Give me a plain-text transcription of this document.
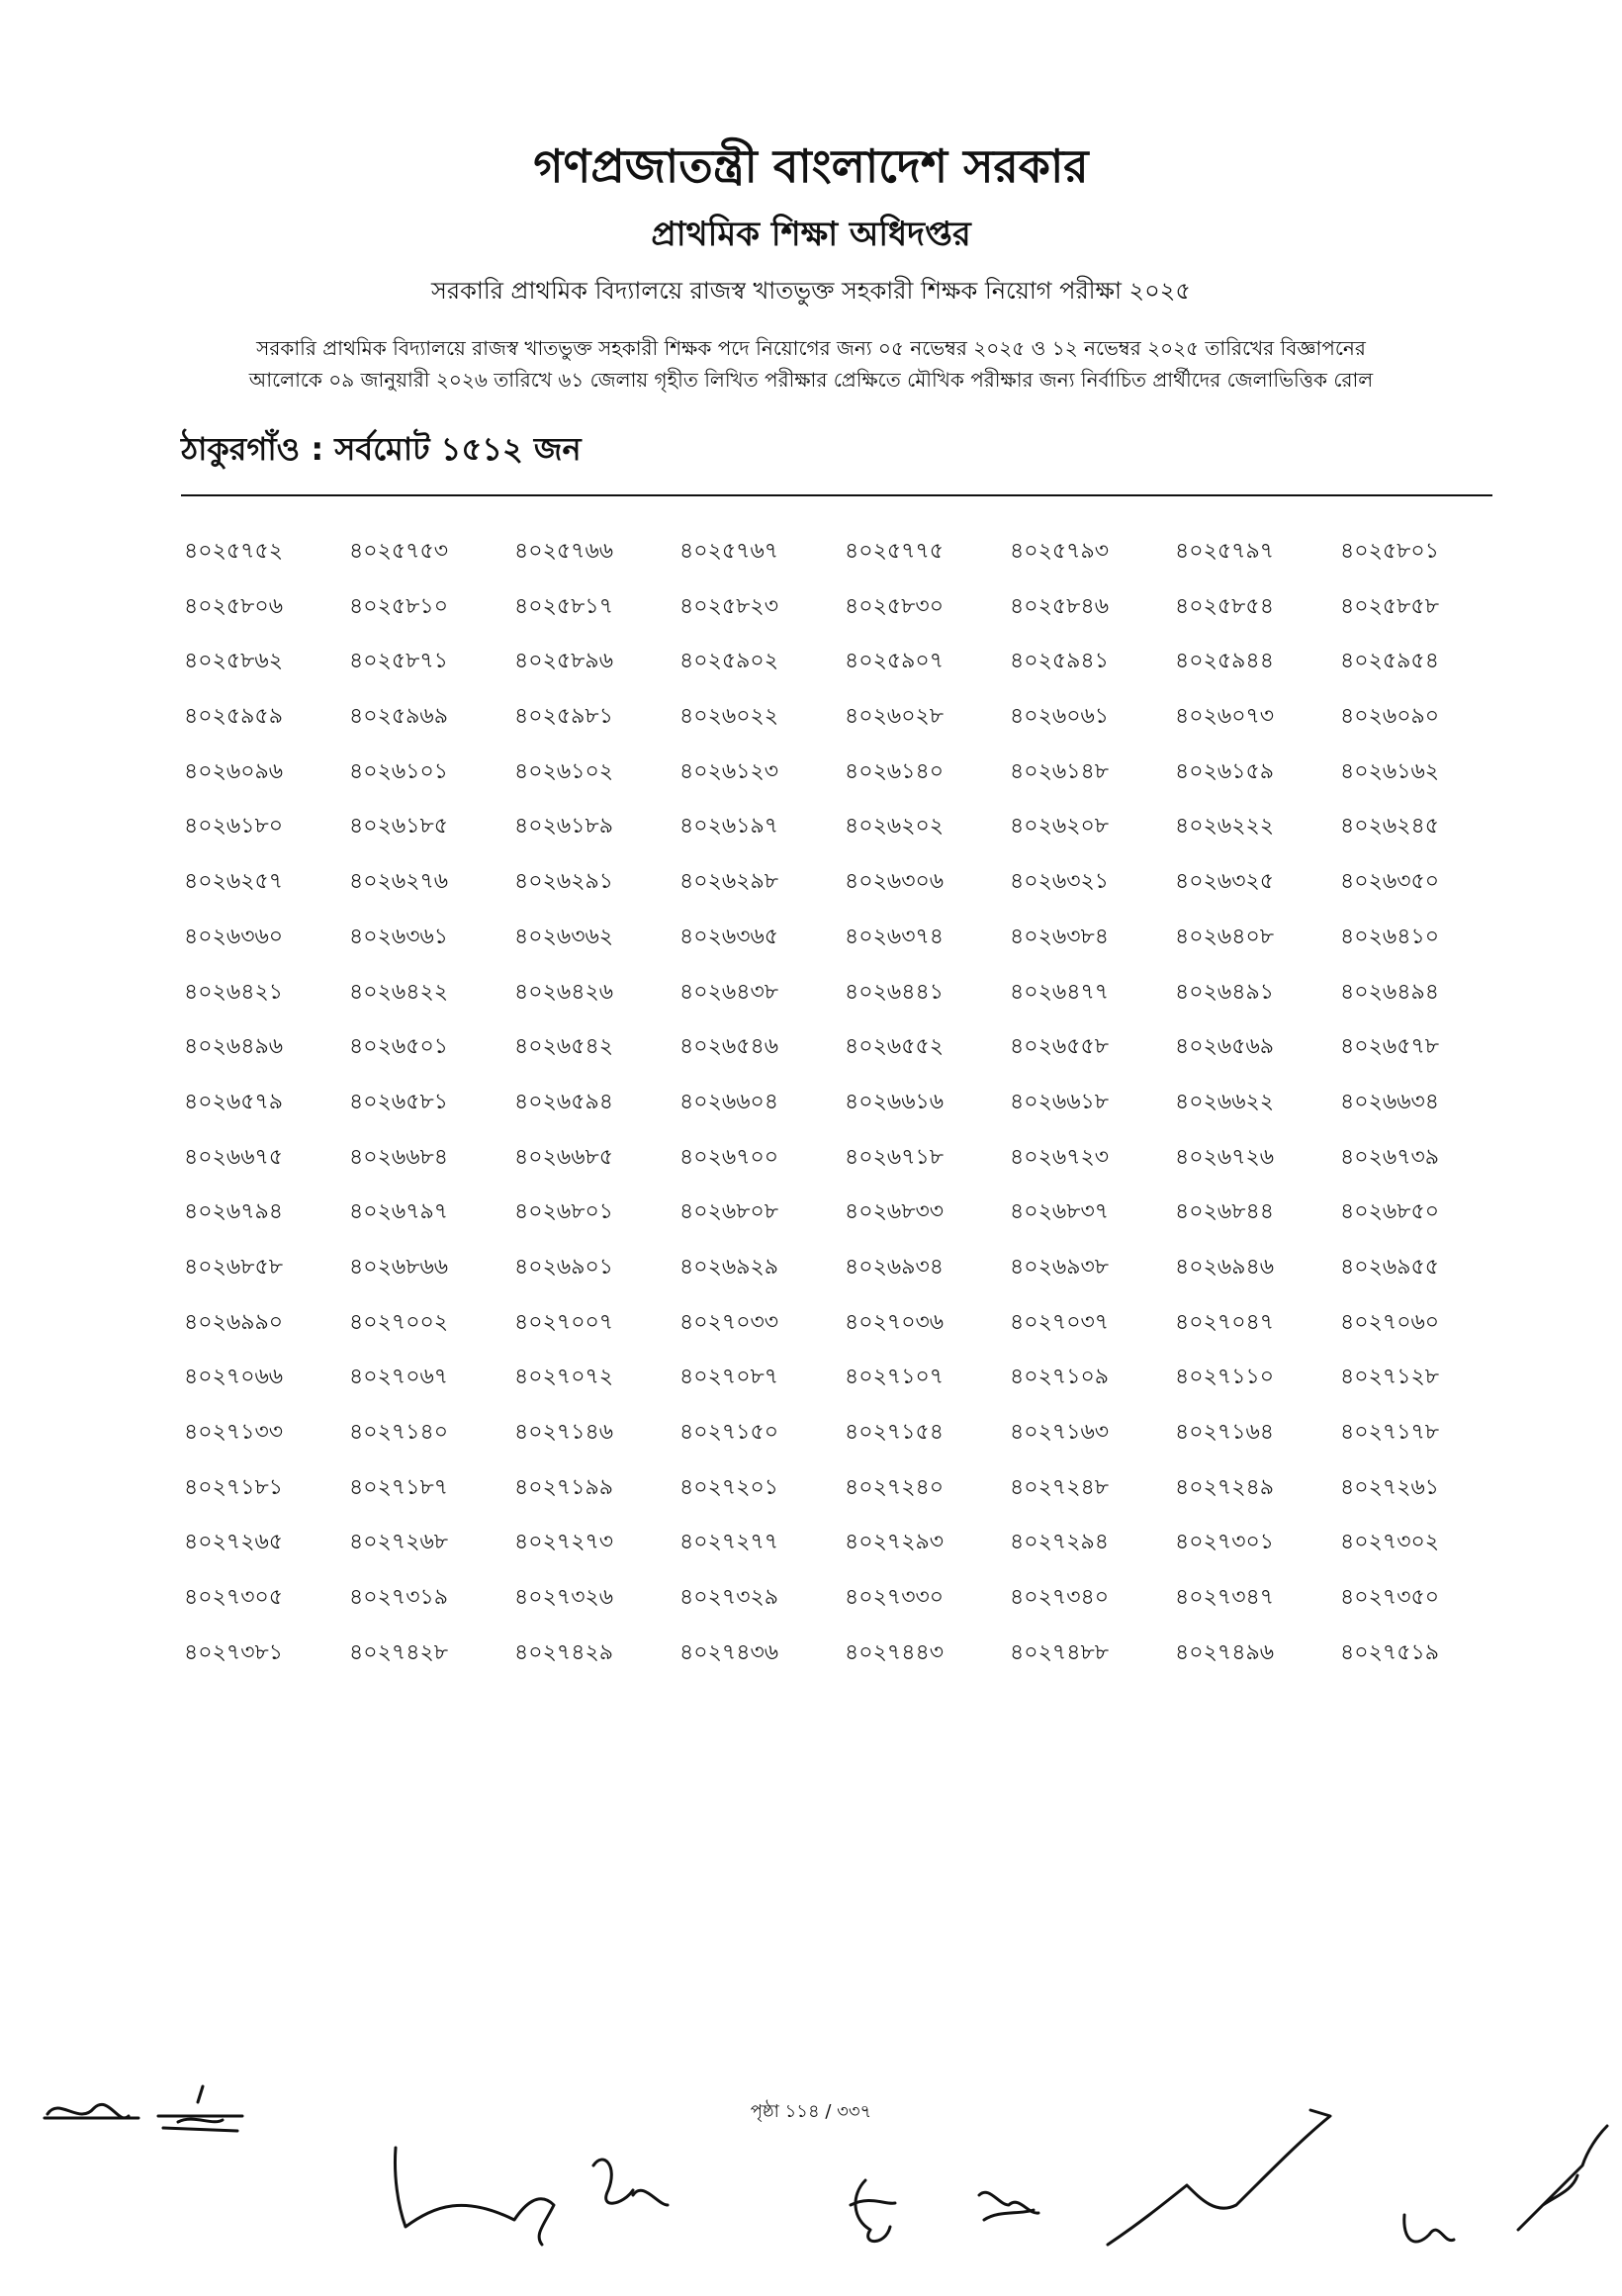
গণপ্রজাতন্ত্রী বাংলাদেশ সরকার
প্রাথমিক শিক্ষা অধিদপ্তর
সরকারি প্রাথমিক বিদ্যালয়ে রাজস্ব খাতভুক্ত সহকারী শিক্ষক নিয়োগ পরীক্ষা ২০২৫
সরকারি প্রাথমিক বিদ্যালয়ে রাজস্ব খাতভুক্ত সহকারী শিক্ষক পদে নিয়োগের জন্য ০৫ নভেম্বর ২০২৫ ও ১২ নভেম্বর ২০২৫ তারিখের বিজ্ঞাপনের
আলোকে ০৯ জানুয়ারী ২০২৬ তারিখে ৬১ জেলায় গৃহীত লিখিত পরীক্ষার প্রেক্ষিতে মৌখিক পরীক্ষার জন্য নির্বাচিত প্রার্থীদের জেলাভিত্তিক রোল
ঠাকুরগাঁও : সর্বমোট ১৫১২ জন
৪০২৫৭৫২	৪০২৫৭৫৩	৪০২৫৭৬৬	৪০২৫৭৬৭	৪০২৫৭৭৫	৪০২৫৭৯৩	৪০২৫৭৯৭	৪০২৫৮০১
৪০২৫৮০৬	৪০২৫৮১০	৪০২৫৮১৭	৪০২৫৮২৩	৪০২৫৮৩০	৪০২৫৮৪৬	৪০২৫৮৫৪	৪০২৫৮৫৮
৪০২৫৮৬২	৪০২৫৮৭১	৪০২৫৮৯৬	৪০২৫৯০২	৪০২৫৯০৭	৪০২৫৯৪১	৪০২৫৯৪৪	৪০২৫৯৫৪
৪০২৫৯৫৯	৪০২৫৯৬৯	৪০২৫৯৮১	৪০২৬০২২	৪০২৬০২৮	৪০২৬০৬১	৪০২৬০৭৩	৪০২৬০৯০
৪০২৬০৯৬	৪০২৬১০১	৪০২৬১০২	৪০২৬১২৩	৪০২৬১৪০	৪০২৬১৪৮	৪০২৬১৫৯	৪০২৬১৬২
৪০২৬১৮০	৪০২৬১৮৫	৪০২৬১৮৯	৪০২৬১৯৭	৪০২৬২০২	৪০২৬২০৮	৪০২৬২২২	৪০২৬২৪৫
৪০২৬২৫৭	৪০২৬২৭৬	৪০২৬২৯১	৪০২৬২৯৮	৪০২৬৩০৬	৪০২৬৩২১	৪০২৬৩২৫	৪০২৬৩৫০
৪০২৬৩৬০	৪০২৬৩৬১	৪০২৬৩৬২	৪০২৬৩৬৫	৪০২৬৩৭৪	৪০২৬৩৮৪	৪০২৬৪০৮	৪০২৬৪১০
৪০২৬৪২১	৪০২৬৪২২	৪০২৬৪২৬	৪০২৬৪৩৮	৪০২৬৪৪১	৪০২৬৪৭৭	৪০২৬৪৯১	৪০২৬৪৯৪
৪০২৬৪৯৬	৪০২৬৫০১	৪০২৬৫৪২	৪০২৬৫৪৬	৪০২৬৫৫২	৪০২৬৫৫৮	৪০২৬৫৬৯	৪০২৬৫৭৮
৪০২৬৫৭৯	৪০২৬৫৮১	৪০২৬৫৯৪	৪০২৬৬০৪	৪০২৬৬১৬	৪০২৬৬১৮	৪০২৬৬২২	৪০২৬৬৩৪
৪০২৬৬৭৫	৪০২৬৬৮৪	৪০২৬৬৮৫	৪০২৬৭০০	৪০২৬৭১৮	৪০২৬৭২৩	৪০২৬৭২৬	৪০২৬৭৩৯
৪০২৬৭৯৪	৪০২৬৭৯৭	৪০২৬৮০১	৪০২৬৮০৮	৪০২৬৮৩৩	৪০২৬৮৩৭	৪০২৬৮৪৪	৪০২৬৮৫০
৪০২৬৮৫৮	৪০২৬৮৬৬	৪০২৬৯০১	৪০২৬৯২৯	৪০২৬৯৩৪	৪০২৬৯৩৮	৪০২৬৯৪৬	৪০২৬৯৫৫
৪০২৬৯৯০	৪০২৭০০২	৪০২৭০০৭	৪০২৭০৩৩	৪০২৭০৩৬	৪০২৭০৩৭	৪০২৭০৪৭	৪০২৭০৬০
৪০২৭০৬৬	৪০২৭০৬৭	৪০২৭০৭২	৪০২৭০৮৭	৪০২৭১০৭	৪০২৭১০৯	৪০২৭১১০	৪০২৭১২৮
৪০২৭১৩৩	৪০২৭১৪০	৪০২৭১৪৬	৪০২৭১৫০	৪০২৭১৫৪	৪০২৭১৬৩	৪০২৭১৬৪	৪০২৭১৭৮
৪০২৭১৮১	৪০২৭১৮৭	৪০২৭১৯৯	৪০২৭২০১	৪০২৭২৪০	৪০২৭২৪৮	৪০২৭২৪৯	৪০২৭২৬১
৪০২৭২৬৫	৪০২৭২৬৮	৪০২৭২৭৩	৪০২৭২৭৭	৪০২৭২৯৩	৪০২৭২৯৪	৪০২৭৩০১	৪০২৭৩০২
৪০২৭৩০৫	৪০২৭৩১৯	৪০২৭৩২৬	৪০২৭৩২৯	৪০২৭৩৩০	৪০২৭৩৪০	৪০২৭৩৪৭	৪০২৭৩৫০
৪০২৭৩৮১	৪০২৭৪২৮	৪০২৭৪২৯	৪০২৭৪৩৬	৪০২৭৪৪৩	৪০২৭৪৮৮	৪০২৭৪৯৬	৪০২৭৫১৯
পৃষ্ঠা ১১৪ / ৩৩৭
